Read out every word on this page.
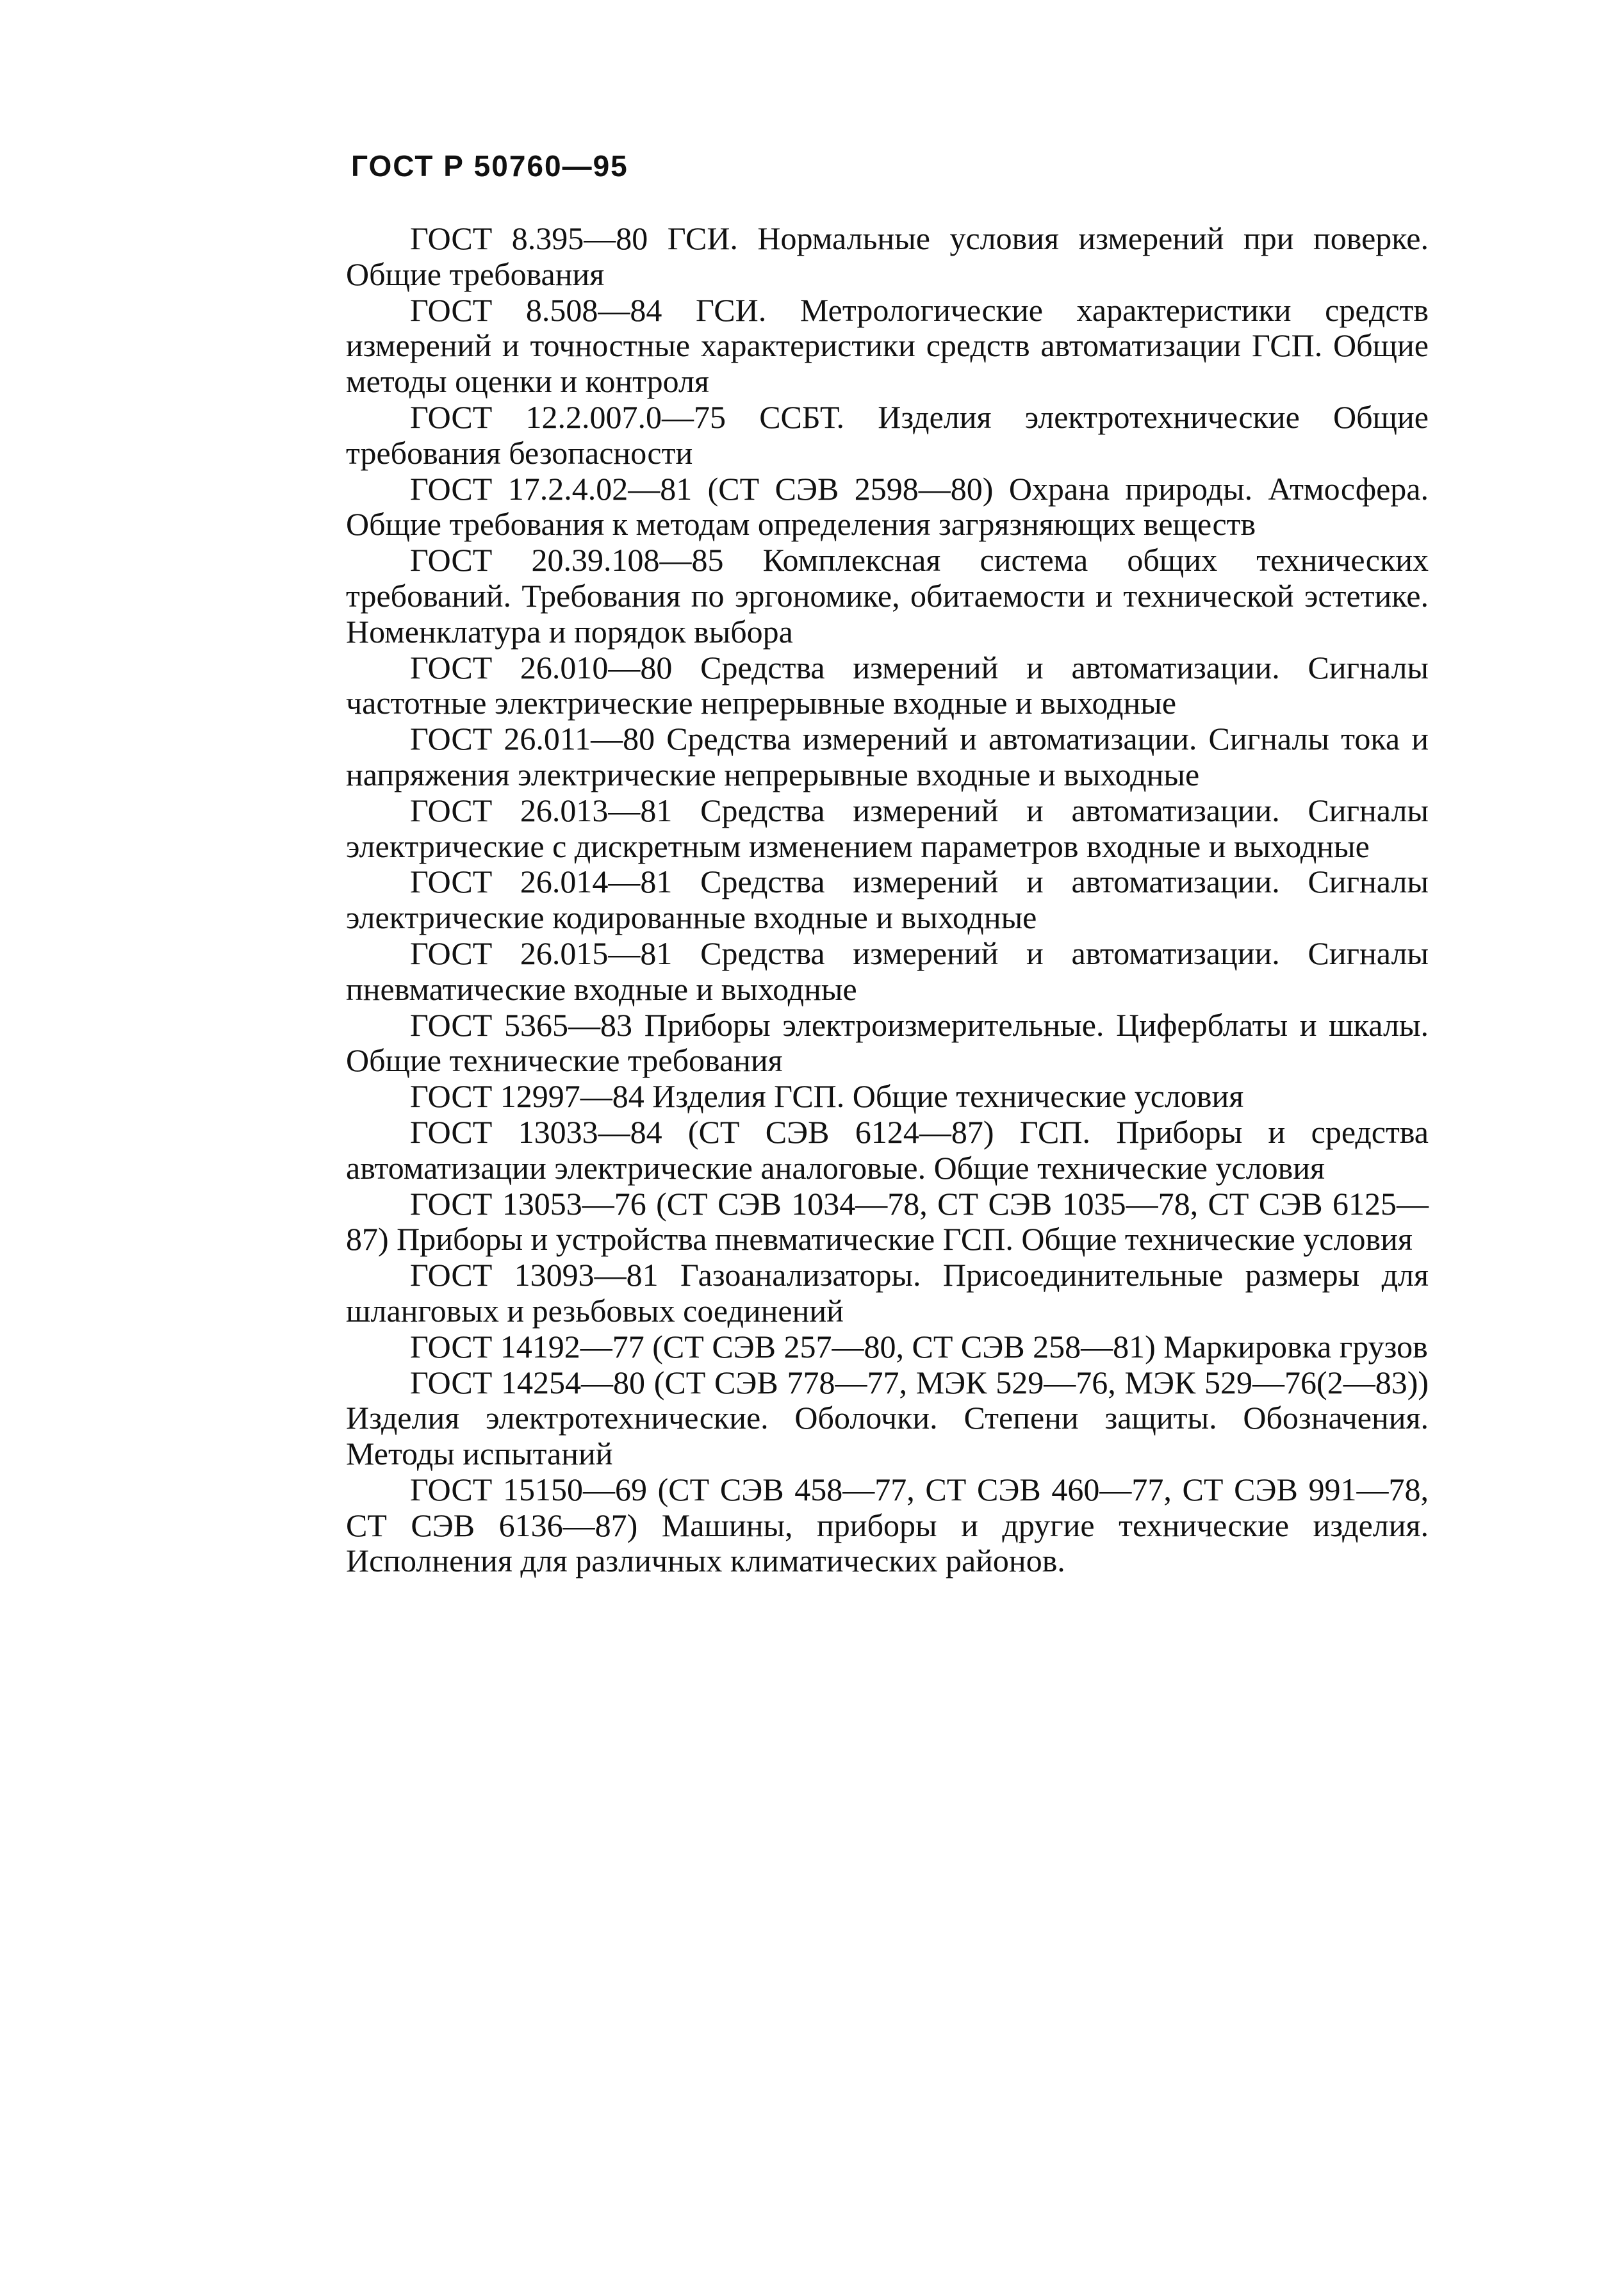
ГОСТ Р 50760—95

ГОСТ 8.395—80 ГСИ. Нормальные условия измерений при поверке. Общие требования

ГОСТ 8.508—84 ГСИ. Метрологические характеристики средств измерений и точностные характеристики средств автоматизации ГСП. Общие методы оценки и контроля

ГОСТ 12.2.007.0—75 ССБТ. Изделия электротехнические Общие требования безопасности

ГОСТ 17.2.4.02—81 (СТ СЭВ 2598—80) Охрана природы. Атмосфера. Общие требования к методам определения загрязняющих веществ

ГОСТ 20.39.108—85 Комплексная система общих технических требований. Требования по эргономике, обитаемости и технической эстетике. Номенклатура и порядок выбора

ГОСТ 26.010—80 Средства измерений и автоматизации. Сигналы частотные электрические непрерывные входные и выходные

ГОСТ 26.011—80 Средства измерений и автоматизации. Сигналы тока и напряжения электрические непрерывные входные и выходные

ГОСТ 26.013—81 Средства измерений и автоматизации. Сигналы электрические с дискретным изменением параметров входные и выходные

ГОСТ 26.014—81 Средства измерений и автоматизации. Сигналы электрические кодированные входные и выходные

ГОСТ 26.015—81 Средства измерений и автоматизации. Сигналы пневматические входные и выходные

ГОСТ 5365—83 Приборы электроизмерительные. Циферблаты и шкалы. Общие технические требования

ГОСТ 12997—84 Изделия ГСП. Общие технические условия

ГОСТ 13033—84 (СТ СЭВ 6124—87) ГСП. Приборы и средства автоматизации электрические аналоговые. Общие технические условия

ГОСТ 13053—76 (СТ СЭВ 1034—78, СТ СЭВ 1035—78, СТ СЭВ 6125—87) Приборы и устройства пневматические ГСП. Общие технические условия

ГОСТ 13093—81 Газоанализаторы. Присоединительные размеры для шланговых и резьбовых соединений

ГОСТ 14192—77 (СТ СЭВ 257—80, СТ СЭВ 258—81) Маркировка грузов

ГОСТ 14254—80 (СТ СЭВ 778—77, МЭК 529—76, МЭК 529—76(2—83)) Изделия электротехнические. Оболочки. Степени защиты. Обозначения. Методы испытаний

ГОСТ 15150—69 (СТ СЭВ 458—77, СТ СЭВ 460—77, СТ СЭВ 991—78, СТ СЭВ 6136—87) Машины, приборы и другие технические изделия. Исполнения для различных климатических районов.
